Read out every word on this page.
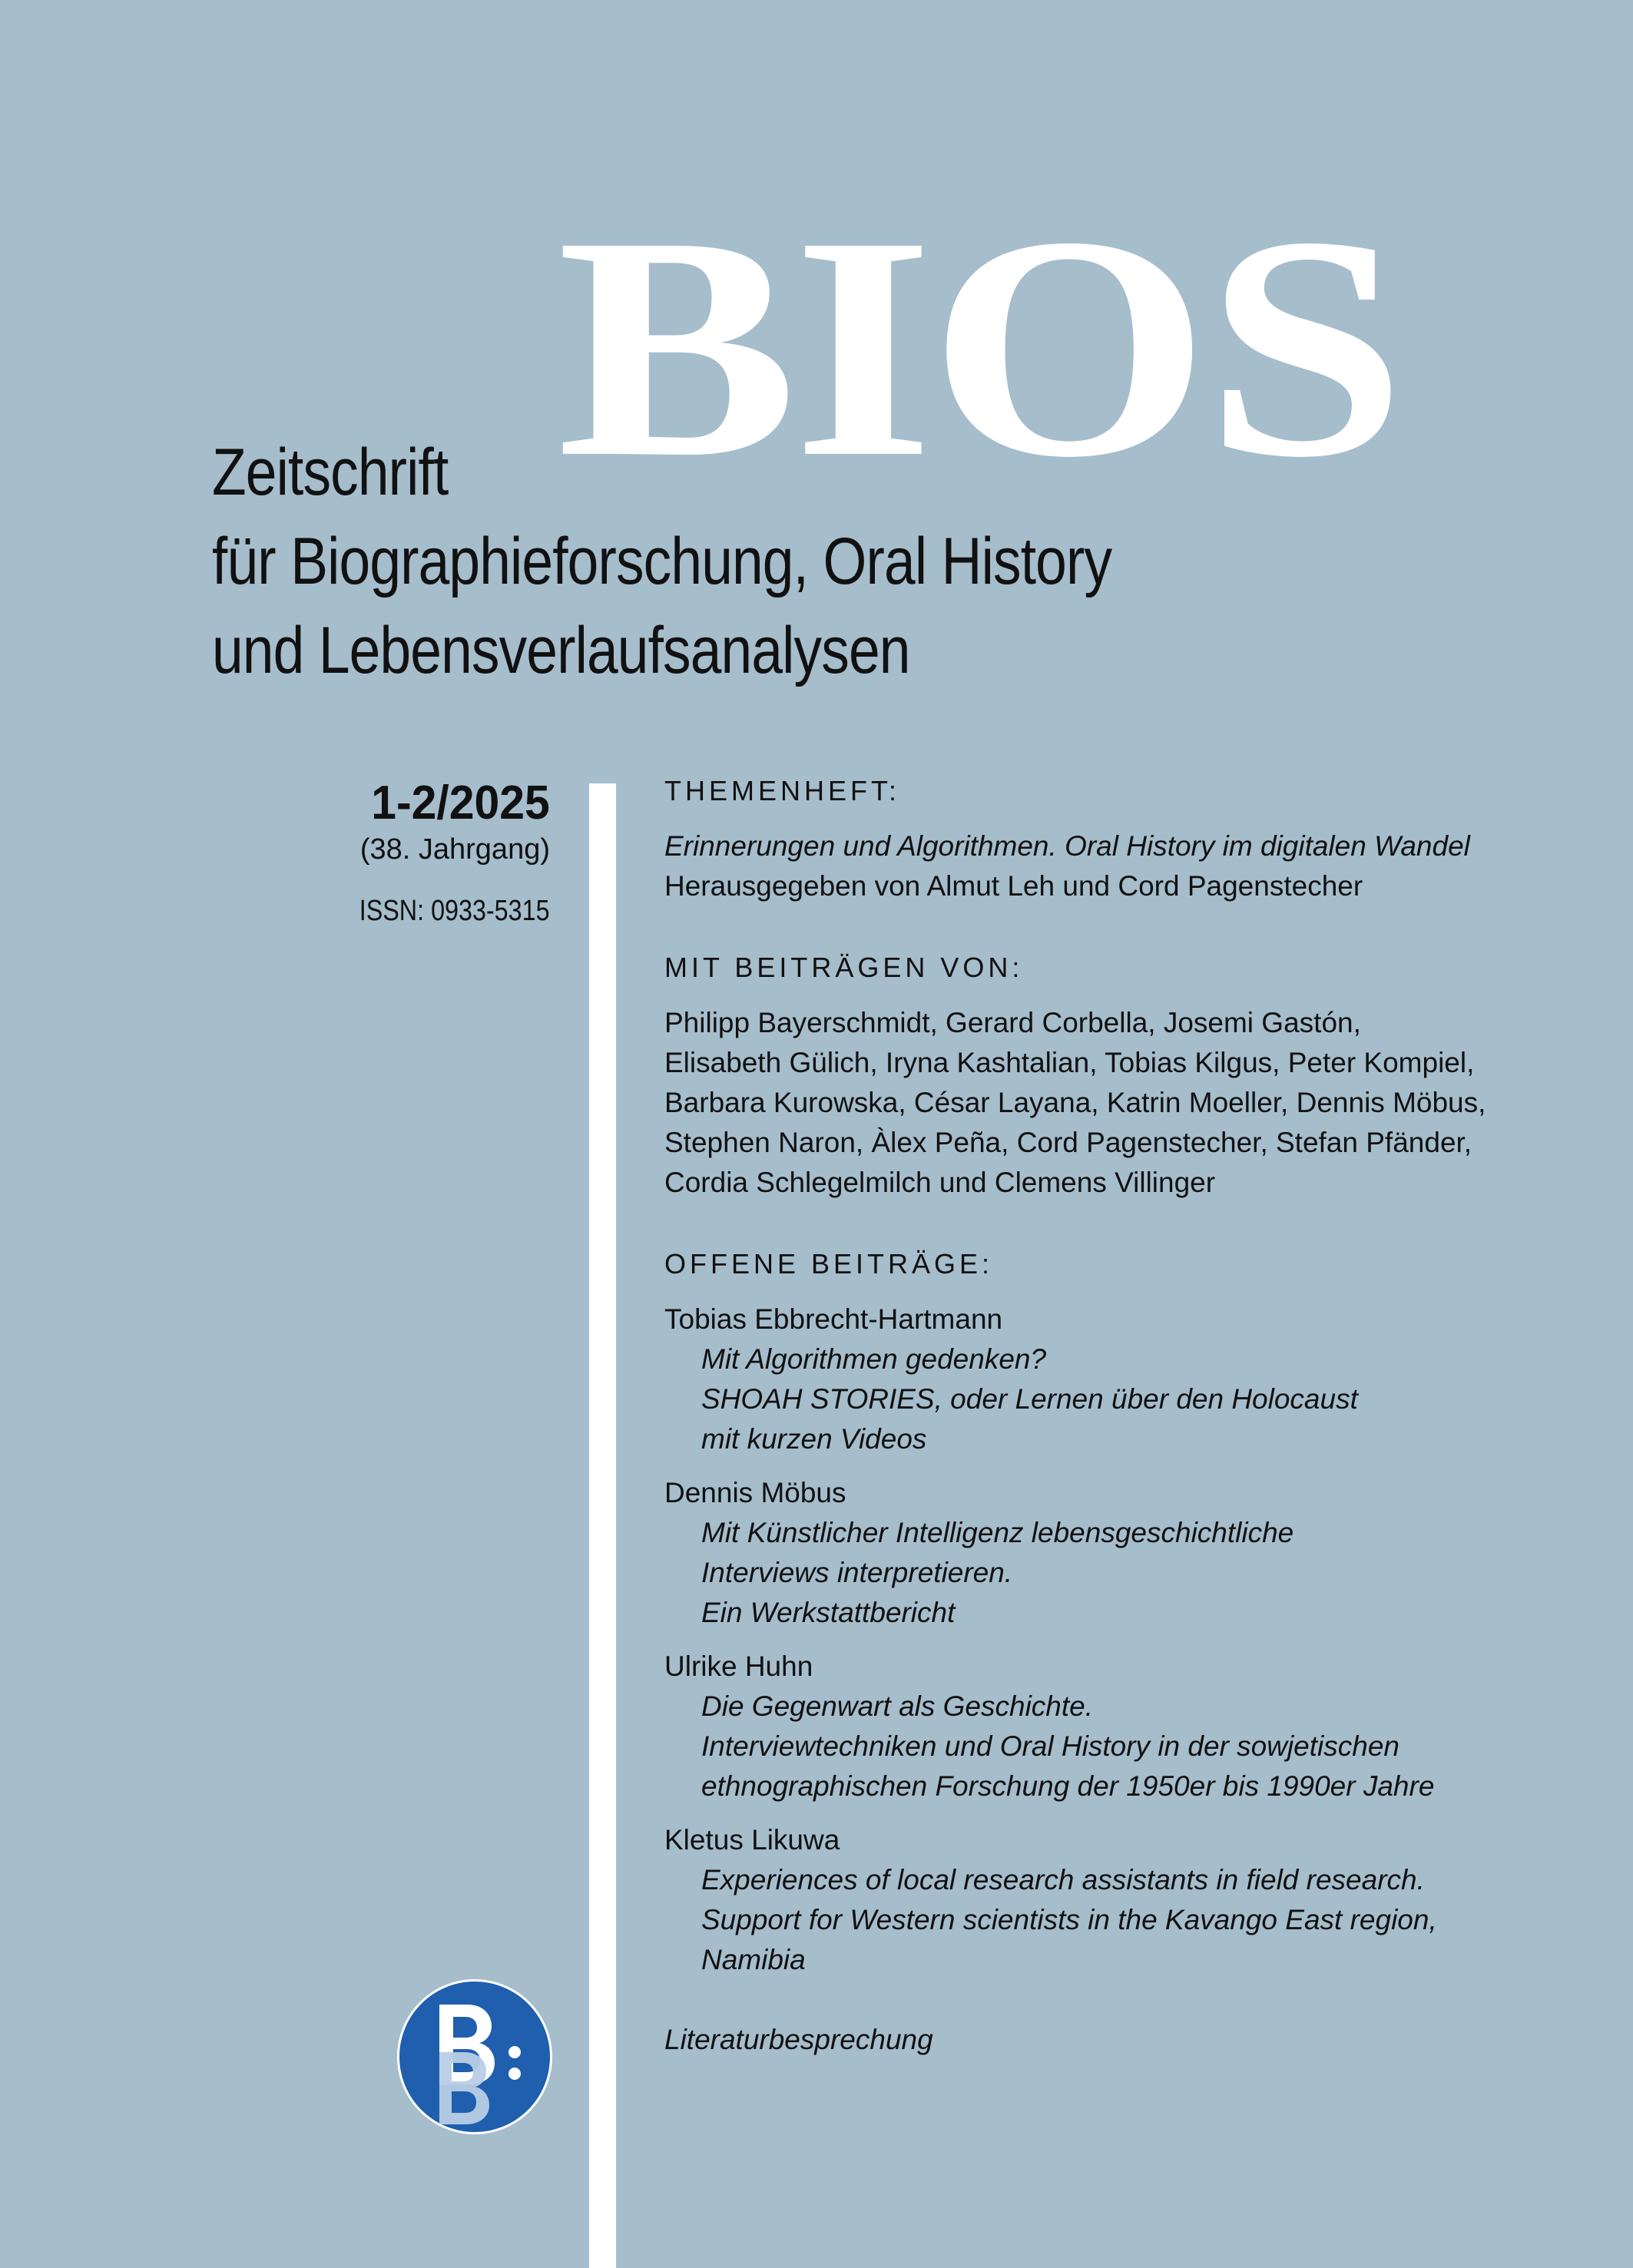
BIOS
Zeitschrift
für Biographieforschung, Oral History
und Lebensverlaufsanalysen
1-2/2025
(38. Jahrgang)
ISSN: 0933-5315
THEMENHEFT:
Erinnerungen und Algorithmen. Oral History im digitalen Wandel
Herausgegeben von Almut Leh und Cord Pagenstecher
MIT BEITRÄGEN VON:
Philipp Bayerschmidt, Gerard Corbella, Josemi Gastón,
Elisabeth Gülich, Iryna Kashtalian, Tobias Kilgus, Peter Kompiel,
Barbara Kurowska, César Layana, Katrin Moeller, Dennis Möbus,
Stephen Naron, Àlex Peña, Cord Pagenstecher, Stefan Pfänder,
Cordia Schlegelmilch und Clemens Villinger
OFFENE BEITRÄGE:
Tobias Ebbrecht-Hartmann
Mit Algorithmen gedenken?
SHOAH STORIES, oder Lernen über den Holocaust
mit kurzen Videos
Dennis Möbus
Mit Künstlicher Intelligenz lebensgeschichtliche
Interviews interpretieren.
Ein Werkstattbericht
Ulrike Huhn
Die Gegenwart als Geschichte.
Interviewtechniken und Oral History in der sowjetischen
ethnographischen Forschung der 1950er bis 1990er Jahre
Kletus Likuwa
Experiences of local research assistants in field research.
Support for Western scientists in the Kavango East region,
Namibia
Literaturbesprechung
